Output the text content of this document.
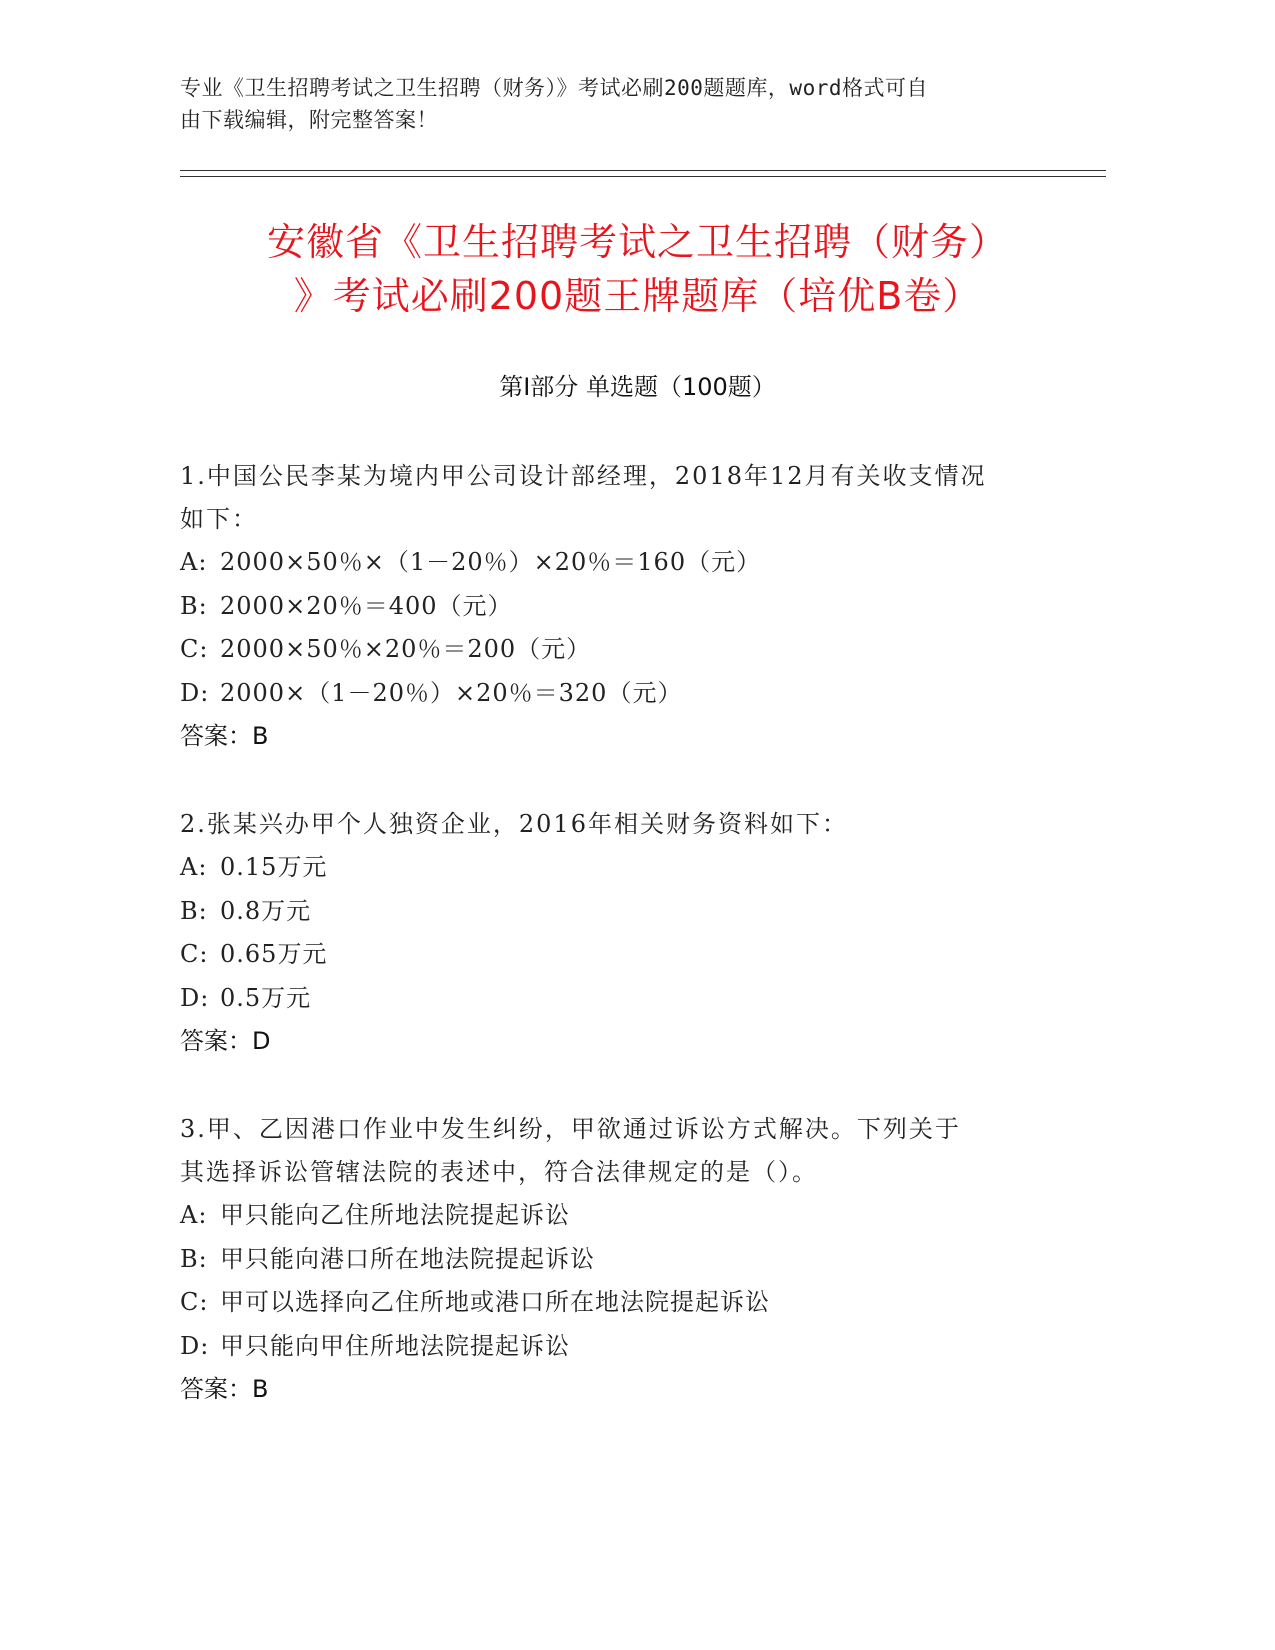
专业《卫生招聘考试之卫生招聘（财务）》考试必刷200题题库，word格式可自
由下载编辑，附完整答案！
安徽省《卫生招聘考试之卫生招聘（财务）
》考试必刷200题王牌题库（培优B卷）
第I部分 单选题（100题）

1.中国公民李某为境内甲公司设计部经理，2018年12月有关收支情况

如下：

A: 2000×50％×（1－20％）×20％＝160（元）

B: 2000×20％＝400（元）

C: 2000×50％×20％＝200（元）

D: 2000×（1－20％）×20％＝320（元）

答案：B

2.张某兴办甲个人独资企业，2016年相关财务资料如下：

A: 0.15万元

B: 0.8万元

C: 0.65万元

D: 0.5万元

答案：D

3.甲、乙因港口作业中发生纠纷，甲欲通过诉讼方式解决。下列关于

其选择诉讼管辖法院的表述中，符合法律规定的是（）。

A: 甲只能向乙住所地法院提起诉讼

B: 甲只能向港口所在地法院提起诉讼

C: 甲可以选择向乙住所地或港口所在地法院提起诉讼

D: 甲只能向甲住所地法院提起诉讼

答案：B
